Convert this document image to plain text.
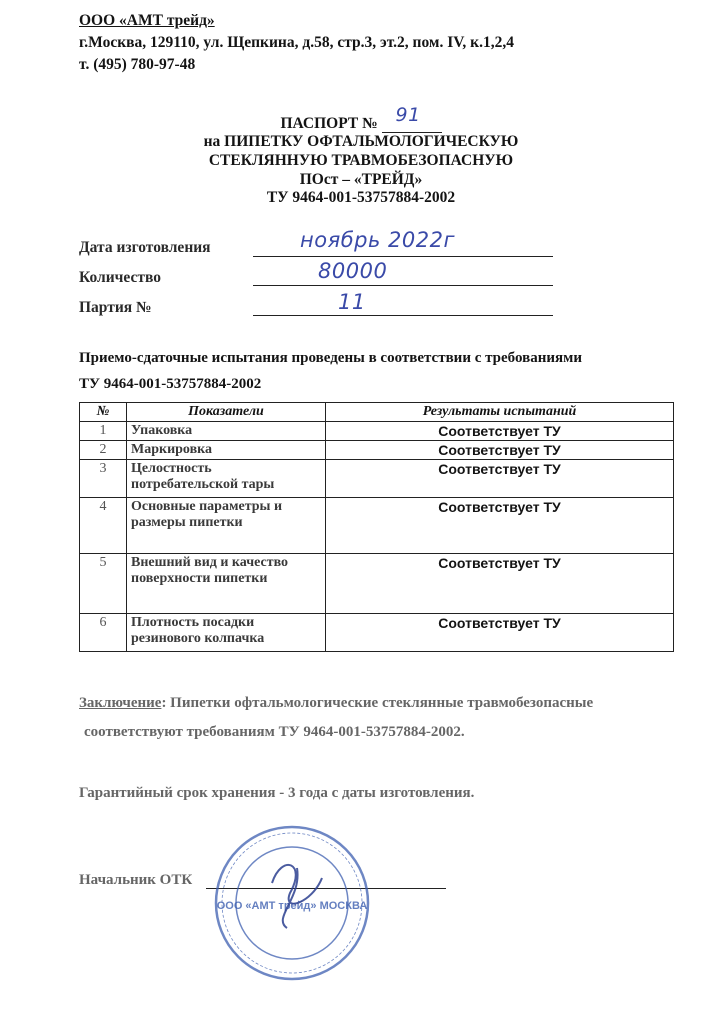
ООО «АМТ трейд»
г.Москва, 129110, ул. Щепкина, д.58, стр.3, эт.2, пом. IV, к.1,2,4
т. (495) 780-97-48
ПАСПОРТ № 91
на ПИПЕТКУ ОФТАЛЬМОЛОГИЧЕСКУЮ
СТЕКЛЯННУЮ ТРАВМОБЕЗОПАСНУЮ
ПОст – «ТРЕЙД»
ТУ 9464-001-53757884-2002
Дата изготовления	ноябрь 2022г
Количество	80000
Партия №	11
Приемо-сдаточные испытания проведены в соответствии с требованиями
ТУ 9464-001-53757884-2002
№	Показатели	Результаты испытаний
1	Упаковка	Соответствует ТУ
2	Маркировка	Соответствует ТУ
3	Целостность потребательской тары	Соответствует ТУ
4	Основные параметры и размеры пипетки	Соответствует ТУ
5	Внешний вид и качество поверхности пипетки	Соответствует ТУ
6	Плотность посадки резинового колпачка	Соответствует ТУ
Заключение: Пипетки офтальмологические стеклянные травмобезопасные
соответствуют требованиям ТУ 9464-001-53757884-2002.
Гарантийный срок хранения - 3 года с даты изготовления.
Начальник ОТК
ООО «АМТ трейд» МОСКВА
